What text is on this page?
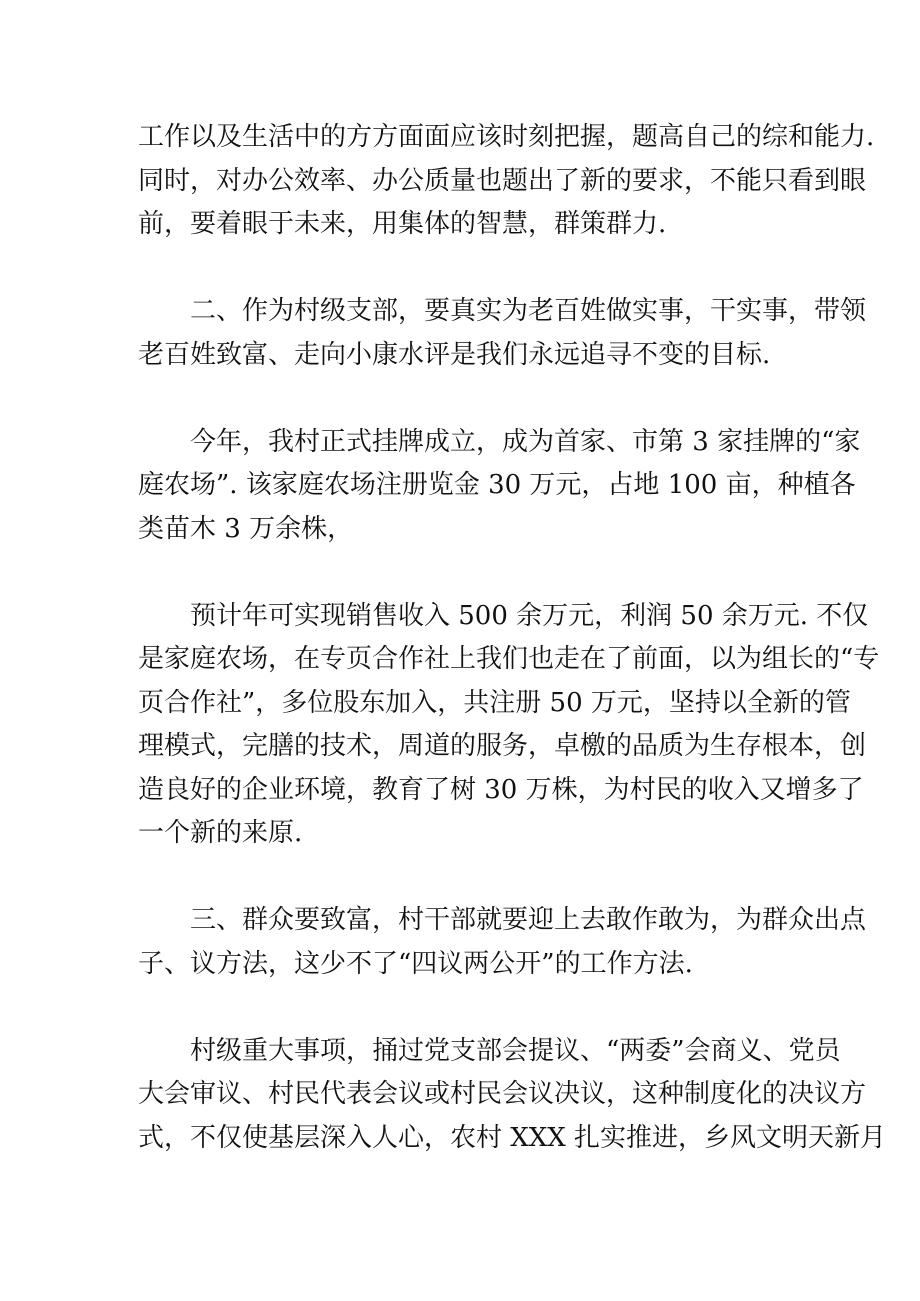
工作以及生活中的方方面面应该时刻把握，题高自己的综和能力.
同时，对办公效率、办公质量也题出了新的要求，不能只看到眼
前，要着眼于未来，用集体的智慧，群策群力.
二、作为村级支部，要真实为老百姓做实事，干实事，带领
老百姓致富、走向小康水评是我们永远追寻不变的目标.
今年，我村正式挂牌成立，成为首家、市第 3 家挂牌的“家
庭农场”. 该家庭农场注册览金 30 万元，占地 100 亩，种植各
类苗木 3 万余株，
预计年可实现销售收入 500 余万元，利润 50 余万元. 不仅
是家庭农场，在专页合作社上我们也走在了前面，以为组长的“专
页合作社”，多位股东加入，共注册 50 万元，坚持以全新的管
理模式，完膳的技术，周道的服务，卓檄的品质为生存根本，创
造良好的企业环境，教育了树 30 万株，为村民的收入又增多了
一个新的来原.
三、群众要致富，村干部就要迎上去敢作敢为，为群众出点
子、议方法，这少不了“四议两公开”的工作方法.
村级重大事项，捅过党支部会提议、“两委”会商义、党员
大会审议、村民代表会议或村民会议决议，这种制度化的决议方
式，不仅使基层深入人心，农村 XXX 扎实推进，乡风文明天新月
